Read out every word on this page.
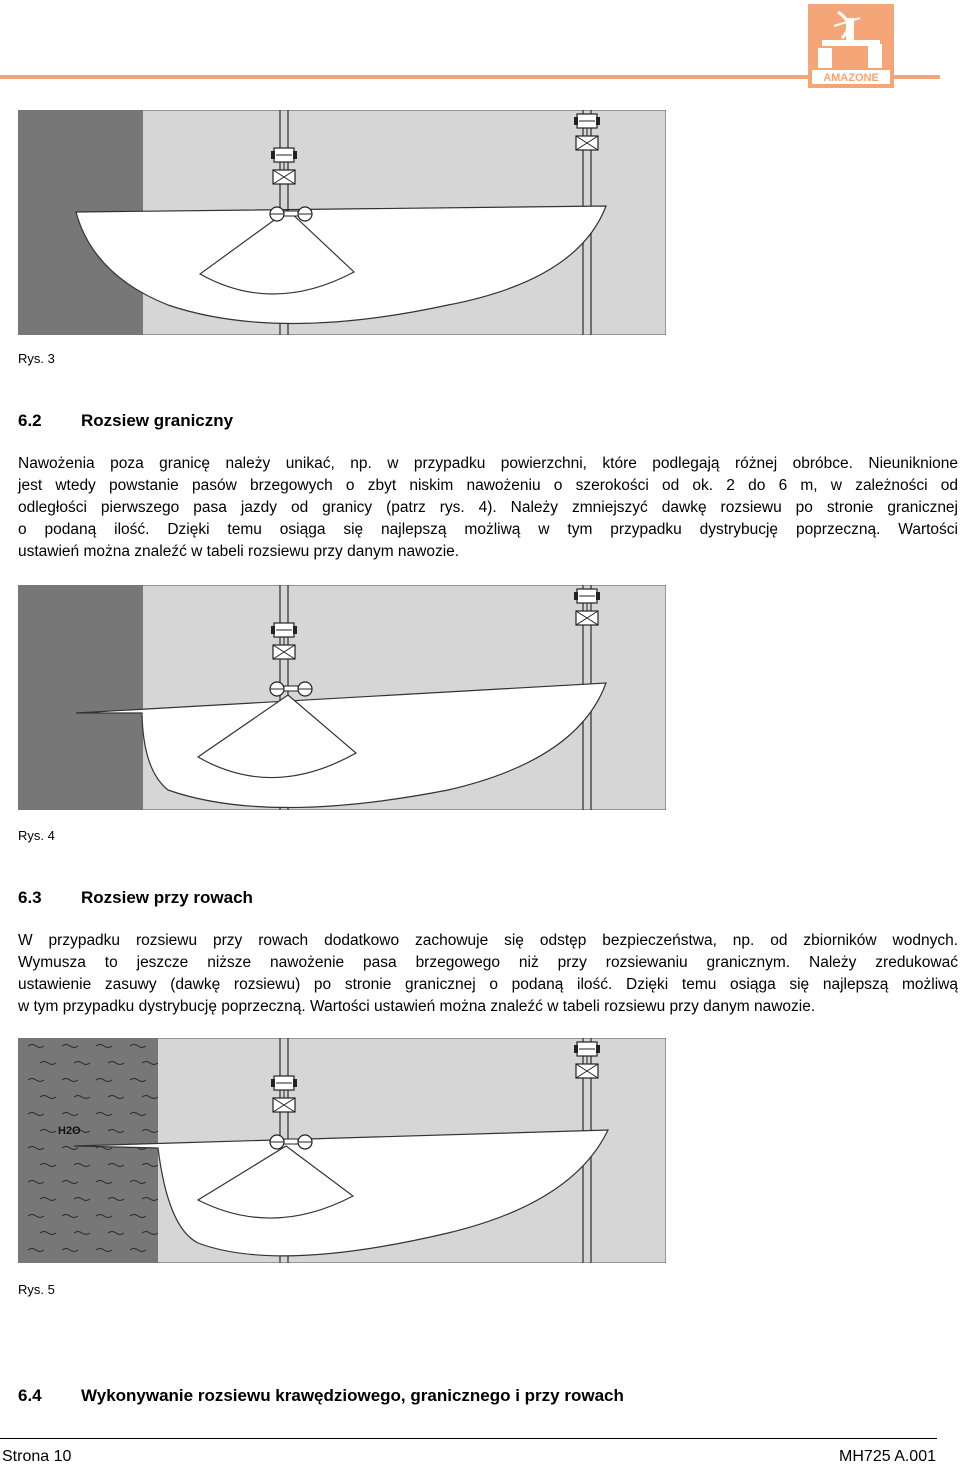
AMAZONE
Rys. 3
Rys. 4
H2O
Rys. 5
6.2 Rozsiew graniczny

Nawożenia poza granicę należy unikać, np. w przypadku powierzchni, które podlegają różnej obróbce. Nieuniknione

jest wtedy powstanie pasów brzegowych o zbyt niskim nawożeniu o szerokości od ok. 2 do 6 m, w zależności od

odległości pierwszego pasa jazdy od granicy (patrz rys. 4). Należy zmniejszyć dawkę rozsiewu po stronie granicznej

o podaną ilość. Dzięki temu osiąga się najlepszą możliwą w tym przypadku dystrybucję poprzeczną. Wartości

ustawień można znaleźć w tabeli rozsiewu przy danym nawozie.

6.3 Rozsiew przy rowach

W przypadku rozsiewu przy rowach dodatkowo zachowuje się odstęp bezpieczeństwa, np. od zbiorników wodnych.

Wymusza to jeszcze niższe nawożenie pasa brzegowego niż przy rozsiewaniu granicznym. Należy zredukować

ustawienie zasuwy (dawkę rozsiewu) po stronie granicznej o podaną ilość. Dzięki temu osiąga się najlepszą możliwą

w tym przypadku dystrybucję poprzeczną. Wartości ustawień można znaleźć w tabeli rozsiewu przy danym nawozie.

6.4 Wykonywanie rozsiewu krawędziowego, granicznego i przy rowach
Strona 10	MH725 A.001
